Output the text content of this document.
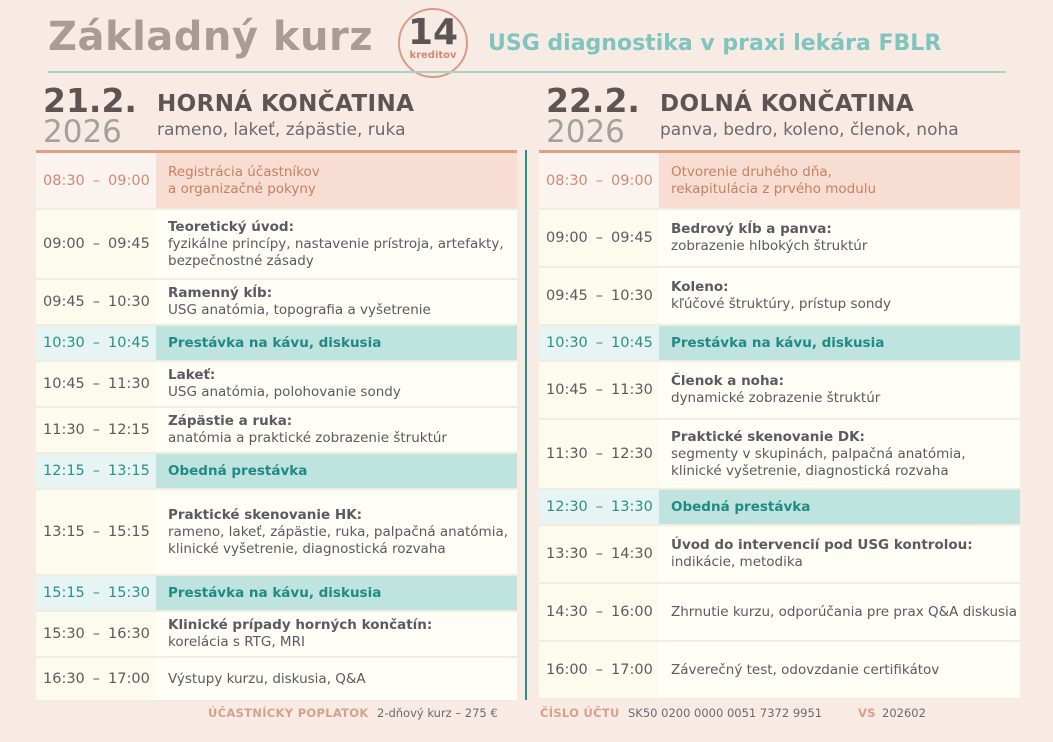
Základný kurz 14
kreditov	USG diagnostika v praxi lekára FBLR
21.2.
2026
HORNÁ KONČATINA
rameno, lakeť, zápästie, ruka
08:30 – 09:00
Registrácia účastníkov
a organizačné pokyny
09:00 – 09:45
Teoretický úvod:
fyzikálne princípy, nastavenie prístroja, artefakty, bezpečnostné zásady
09:45 – 10:30
Ramenný kĺb:
USG anatómia, topografia a vyšetrenie
10:30 – 10:45 Prestávka na kávu, diskusia
10:45 – 11:30
Lakeť:
USG anatómia, polohovanie sondy
11:30 – 12:15
Zápästie a ruka:
anatómia a praktické zobrazenie štruktúr
12:15 – 13:15 Obedná prestávka
13:15 – 15:15
Praktické skenovanie HK:
rameno, lakeť, zápästie, ruka, palpačná anatómia, klinické vyšetrenie, diagnostická rozvaha
15:15 – 15:30 Prestávka na kávu, diskusia
15:30 – 16:30
Klinické prípady horných končatín:
korelácia s RTG, MRI
16:30 – 17:00 Výstupy kurzu, diskusia, Q&A
22.2.
2026
DOLNÁ KONČATINA
panva, bedro, koleno, členok, noha
08:30 – 09:00
Otvorenie druhého dňa,
rekapitulácia z prvého modulu
09:00 – 09:45
Bedrový kĺb a panva:
zobrazenie hlbokých štruktúr
09:45 – 10:30
Koleno:
kľúčové štruktúry, prístup sondy
10:30 – 10:45 Prestávka na kávu, diskusia
10:45 – 11:30
Členok a noha:
dynamické zobrazenie štruktúr
11:30 – 12:30
Praktické skenovanie DK:
segmenty v skupinách, palpačná anatómia, klinické vyšetrenie, diagnostická rozvaha
12:30 – 13:30 Obedná prestávka
13:30 – 14:30
Úvod do intervencií pod USG kontrolou:
indikácie, metodika
14:30 – 16:00 Zhrnutie kurzu, odporúčania pre prax Q&A diskusia
16:00 – 17:00 Záverečný test, odovzdanie certifikátov
ÚČASTNÍCKY POPLATOK 2-dňový kurz – 275 €	ČÍSLO ÚČTU SK50 0200 0000 0051 7372 9951	VS 202602
